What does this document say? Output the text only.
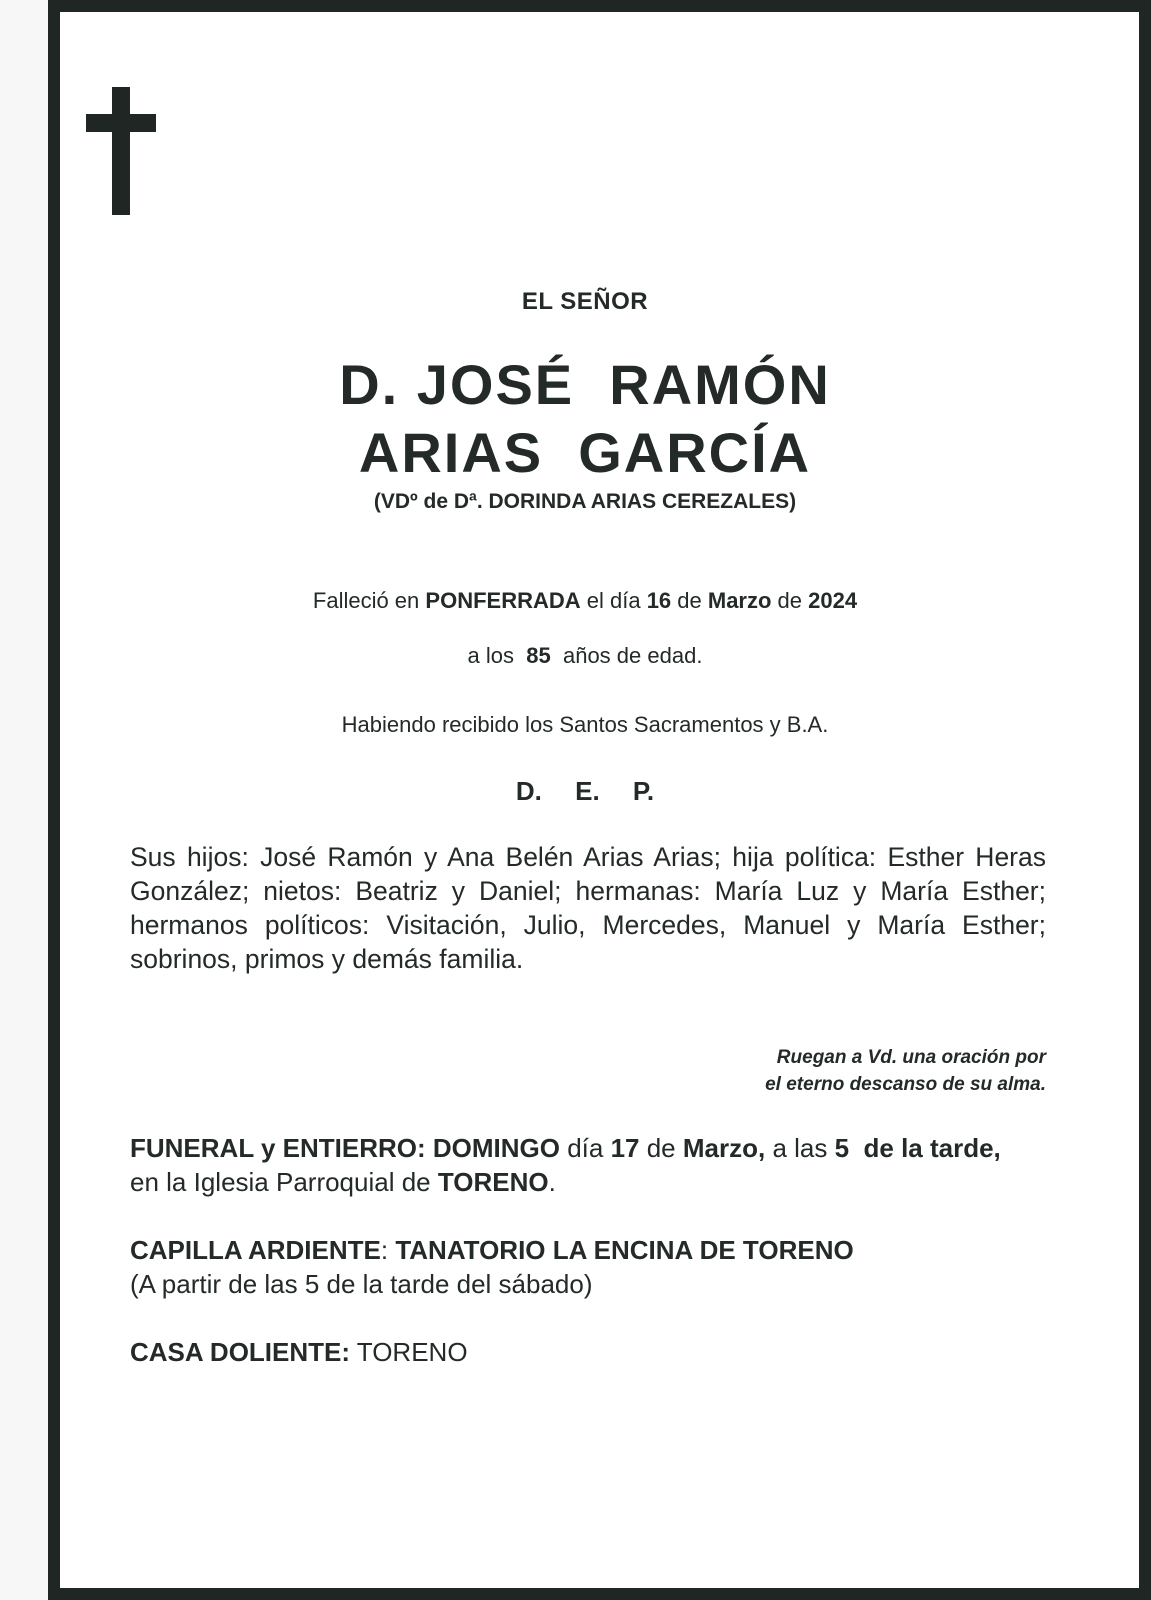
EL SEÑOR
D. JOSÉ  RAMÓN
ARIAS  GARCÍA
(VDº de Dª. DORINDA ARIAS CEREZALES)
Falleció en PONFERRADA el día 16 de Marzo de 2024
a los  85  años de edad.
Habiendo recibido los Santos Sacramentos y B.A.
D. E. P.
Sus hijos: José Ramón y Ana Belén Arias Arias; hija política: Esther Heras González; nietos: Beatriz y Daniel; hermanas: María Luz y María Esther; hermanos políticos: Visitación, Julio, Mercedes, Manuel y María Esther; sobrinos, primos y demás familia.
Ruegan a Vd. una oración por
el eterno descanso de su alma.
FUNERAL y ENTIERRO: DOMINGO día 17 de Marzo, a las 5  de la tarde,
en la Iglesia Parroquial de TORENO.
CAPILLA ARDIENTE: TANATORIO LA ENCINA DE TORENO
(A partir de las 5 de la tarde del sábado)
CASA DOLIENTE: TORENO
